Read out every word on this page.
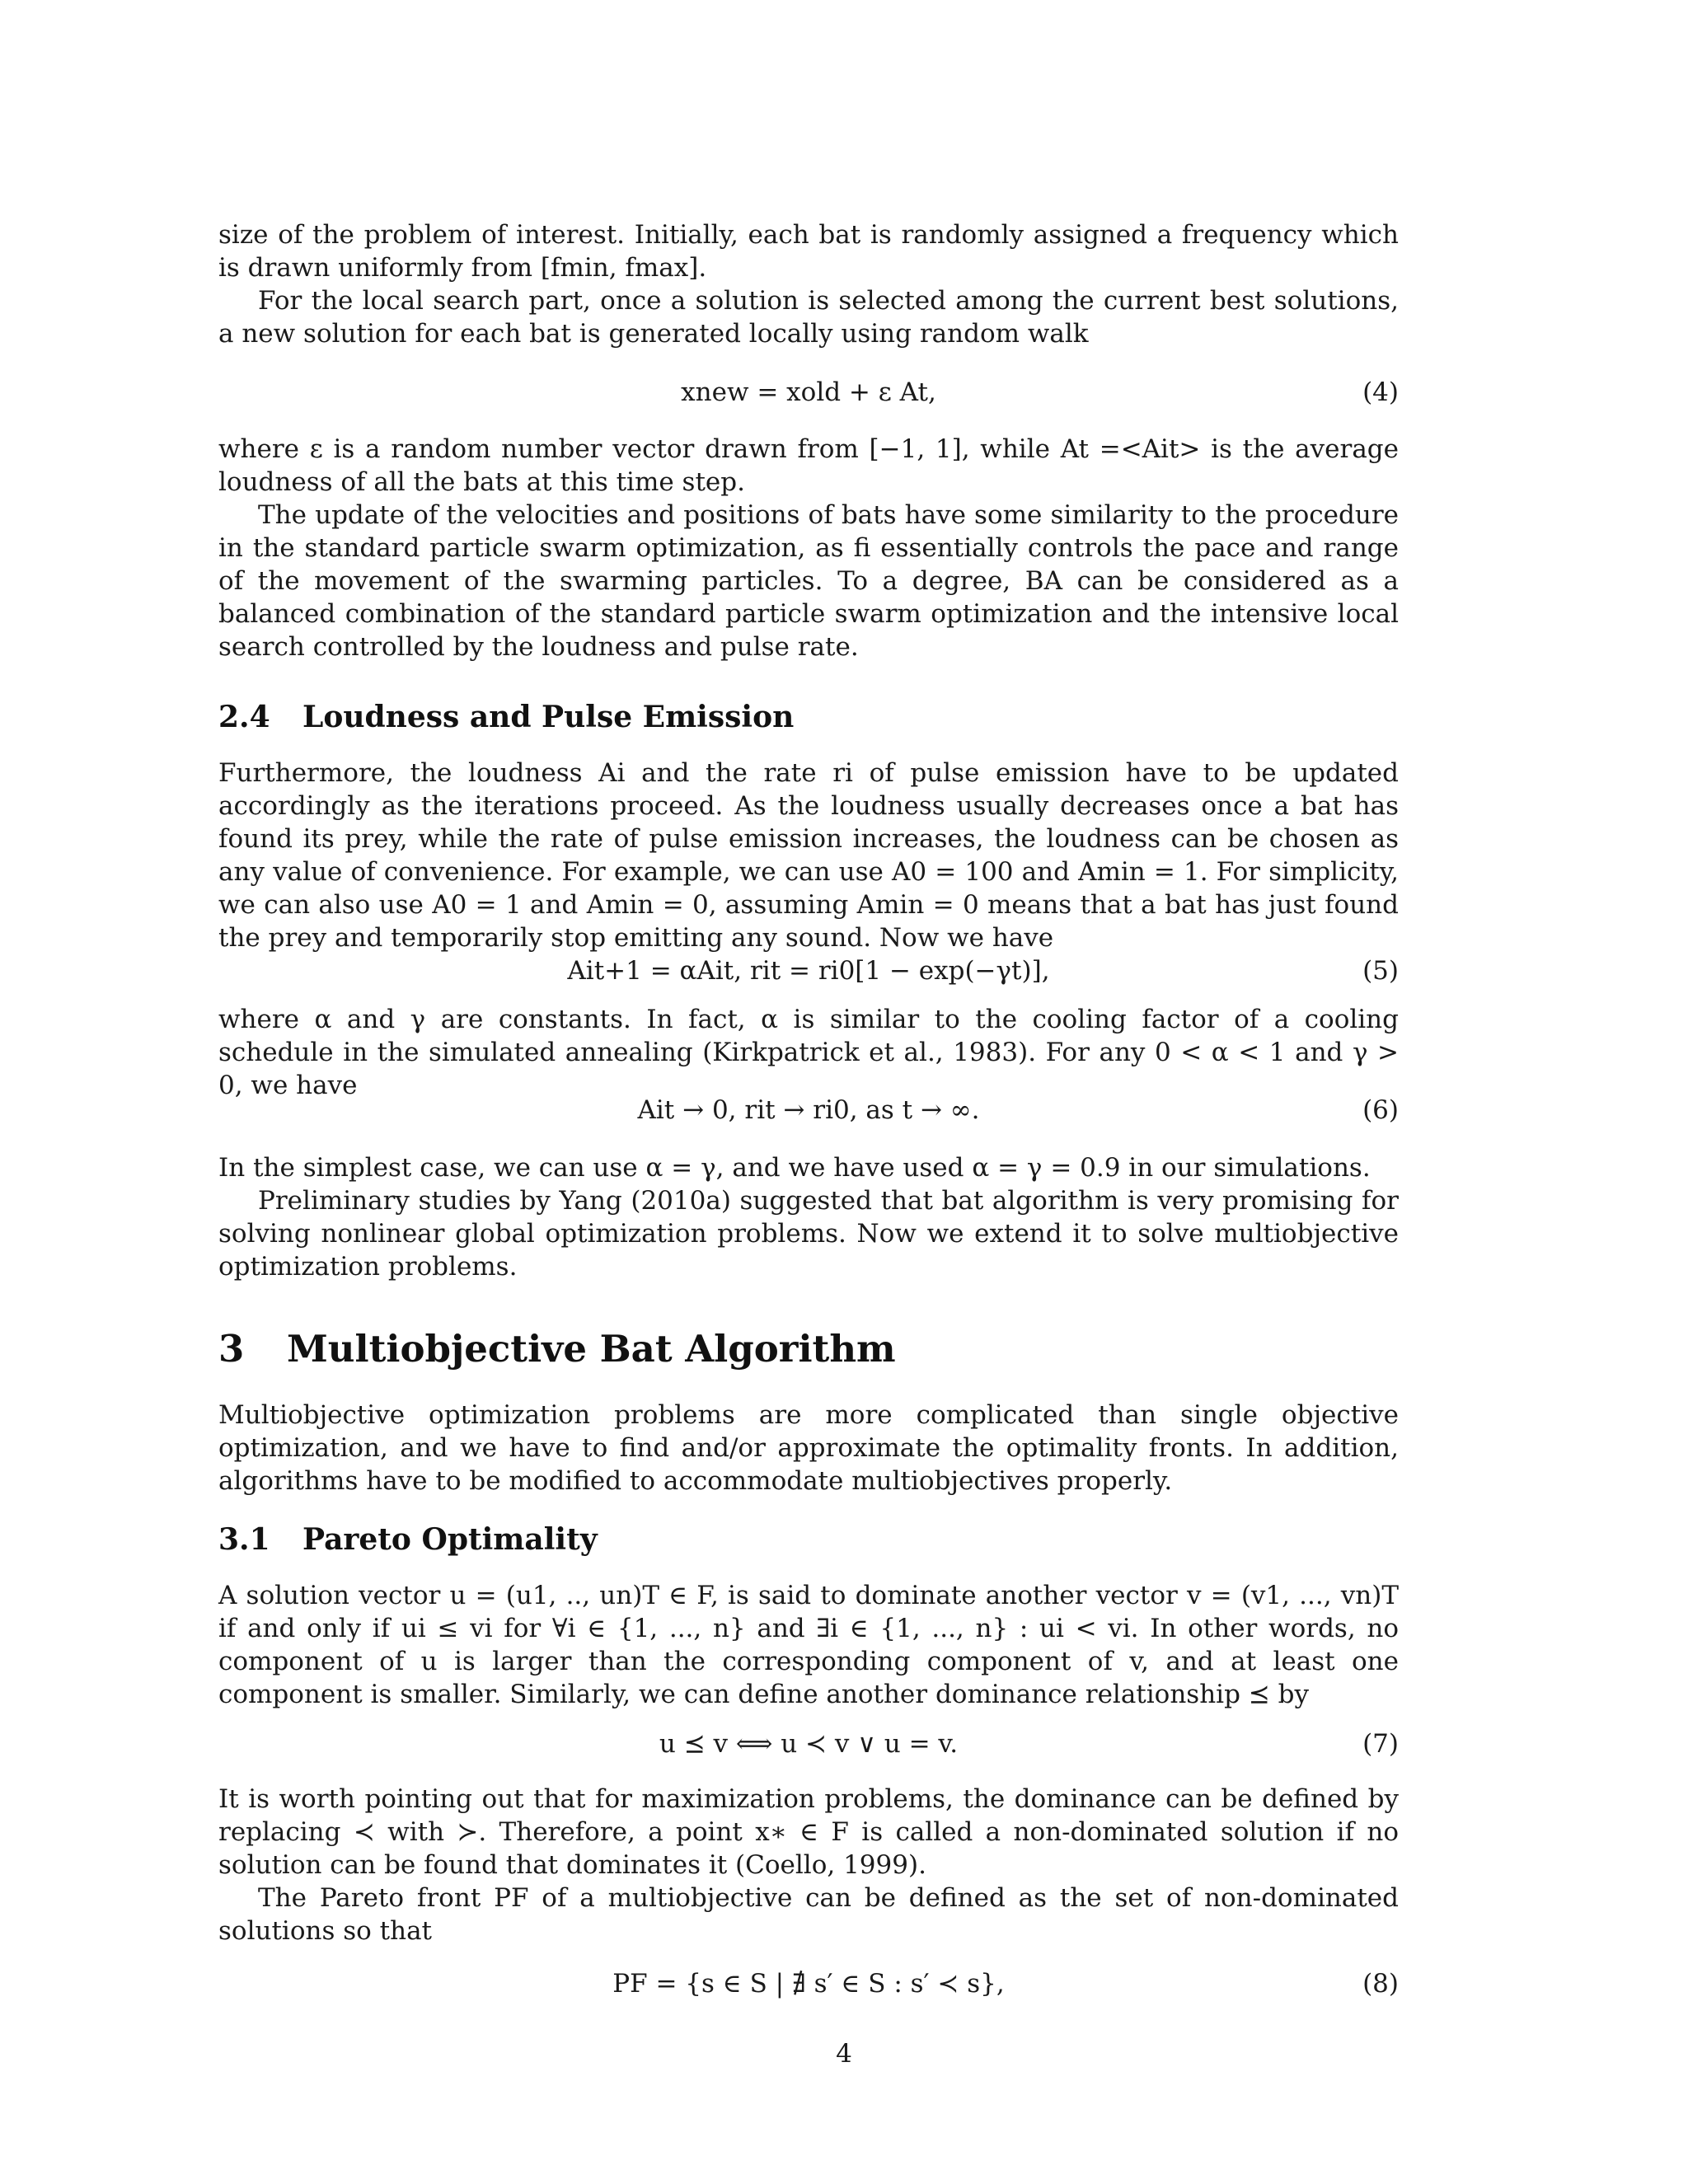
size of the problem of interest. Initially, each bat is randomly assigned a frequency which is drawn uniformly from [fmin, fmax].

For the local search part, once a solution is selected among the current best solutions, a new solution for each bat is generated locally using random walk

xnew = xold + ε At,	(4)

where ε is a random number vector drawn from [−1, 1], while At =<Ait> is the average loudness of all the bats at this time step.

The update of the velocities and positions of bats have some similarity to the procedure in the standard particle swarm optimization, as fi essentially controls the pace and range of the movement of the swarming particles. To a degree, BA can be considered as a balanced combination of the standard particle swarm optimization and the intensive local search controlled by the loudness and pulse rate.

2.4 Loudness and Pulse Emission

Furthermore, the loudness Ai and the rate ri of pulse emission have to be updated accordingly as the iterations proceed. As the loudness usually decreases once a bat has found its prey, while the rate of pulse emission increases, the loudness can be chosen as any value of convenience. For example, we can use A0 = 100 and Amin = 1. For simplicity, we can also use A0 = 1 and Amin = 0, assuming Amin = 0 means that a bat has just found the prey and temporarily stop emitting any sound. Now we have

Ait+1 = αAit, rit = ri0[1 − exp(−γt)],	(5)

where α and γ are constants. In fact, α is similar to the cooling factor of a cooling schedule in the simulated annealing (Kirkpatrick et al., 1983). For any 0 < α < 1 and γ > 0, we have

Ait → 0, rit → ri0, as t → ∞.	(6)

In the simplest case, we can use α = γ, and we have used α = γ = 0.9 in our simulations.

Preliminary studies by Yang (2010a) suggested that bat algorithm is very promising for solving nonlinear global optimization problems. Now we extend it to solve multiobjective optimization problems.

3 Multiobjective Bat Algorithm

Multiobjective optimization problems are more complicated than single objective optimization, and we have to find and/or approximate the optimality fronts. In addition, algorithms have to be modified to accommodate multiobjectives properly.

3.1 Pareto Optimality

A solution vector u = (u1, .., un)T ∈ F, is said to dominate another vector v = (v1, ..., vn)T if and only if ui ≤ vi for ∀i ∈ {1, ..., n} and ∃i ∈ {1, ..., n} : ui < vi. In other words, no component of u is larger than the corresponding component of v, and at least one component is smaller. Similarly, we can define another dominance relationship ⪯ by

u ⪯ v ⟺ u ≺ v ∨ u = v.	(7)

It is worth pointing out that for maximization problems, the dominance can be defined by replacing ≺ with ≻. Therefore, a point x∗ ∈ F is called a non-dominated solution if no solution can be found that dominates it (Coello, 1999).

The Pareto front PF of a multiobjective can be defined as the set of non-dominated solutions so that

PF = {s ∈ S | ∄ s′ ∈ S : s′ ≺ s},	(8)
4
